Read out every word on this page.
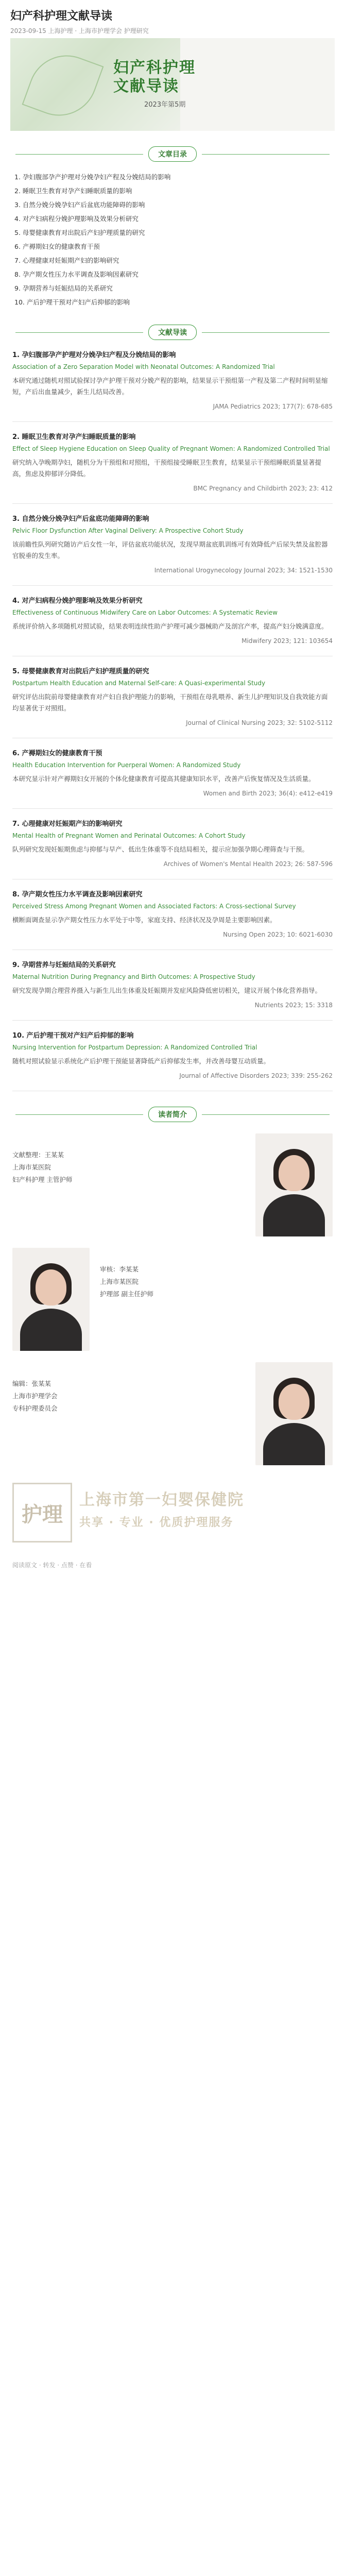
妇产科护理文献导读
2023-09-15 上海护理 · 上海市护理学会 护理研究
妇产科护理
文献导读
2023年第5期
文章目录
1. 孕妇腹部孕产护理对分娩孕妇产程及分娩结局的影响
2. 睡眠卫生教育对孕产妇睡眠质量的影响
3. 自然分娩分娩孕妇产后盆底功能障碍的影响
4. 对产妇病程分娩护理影响及效果分析研究
5. 母婴健康教育对出院后产妇护理质量的研究
6. 产褥期妇女的健康教育干预
7. 心理健康对妊娠期产妇的影响研究
8. 孕产期女性压力水平调查及影响因素研究
9. 孕期营养与妊娠结局的关系研究
10. 产后护理干预对产妇产后抑郁的影响
文献导读
1. 孕妇腹部孕产护理对分娩孕妇产程及分娩结局的影响
Association of a Zero Separation Model with Neonatal Outcomes: A Randomized Trial

本研究通过随机对照试验探讨孕产护理干预对分娩产程的影响，结果显示干预组第一产程及第二产程时间明显缩短，产后出血量减少，新生儿结局改善。

JAMA Pediatrics 2023; 177(7): 678-685
2. 睡眠卫生教育对孕产妇睡眠质量的影响
Effect of Sleep Hygiene Education on Sleep Quality of Pregnant Women: A Randomized Controlled Trial

研究纳入孕晚期孕妇，随机分为干预组和对照组，干预组接受睡眠卫生教育，结果显示干预组睡眠质量显著提高，焦虑及抑郁评分降低。

BMC Pregnancy and Childbirth 2023; 23: 412
3. 自然分娩分娩孕妇产后盆底功能障碍的影响
Pelvic Floor Dysfunction After Vaginal Delivery: A Prospective Cohort Study

该前瞻性队列研究随访产后女性一年，评估盆底功能状况，发现早期盆底肌训练可有效降低产后尿失禁及盆腔器官脱垂的发生率。

International Urogynecology Journal 2023; 34: 1521-1530
4. 对产妇病程分娩护理影响及效果分析研究
Effectiveness of Continuous Midwifery Care on Labor Outcomes: A Systematic Review

系统评价纳入多项随机对照试验，结果表明连续性助产护理可减少器械助产及剖宫产率，提高产妇分娩满意度。

Midwifery 2023; 121: 103654
5. 母婴健康教育对出院后产妇护理质量的研究
Postpartum Health Education and Maternal Self-care: A Quasi-experimental Study

研究评估出院前母婴健康教育对产妇自我护理能力的影响，干预组在母乳喂养、新生儿护理知识及自我效能方面均显著优于对照组。

Journal of Clinical Nursing 2023; 32: 5102-5112
6. 产褥期妇女的健康教育干预
Health Education Intervention for Puerperal Women: A Randomized Study

本研究显示针对产褥期妇女开展的个体化健康教育可提高其健康知识水平，改善产后恢复情况及生活质量。

Women and Birth 2023; 36(4): e412-e419
7. 心理健康对妊娠期产妇的影响研究
Mental Health of Pregnant Women and Perinatal Outcomes: A Cohort Study

队列研究发现妊娠期焦虑与抑郁与早产、低出生体重等不良结局相关，提示应加强孕期心理筛查与干预。

Archives of Women's Mental Health 2023; 26: 587-596
8. 孕产期女性压力水平调查及影响因素研究
Perceived Stress Among Pregnant Women and Associated Factors: A Cross-sectional Survey

横断面调查显示孕产期女性压力水平处于中等，家庭支持、经济状况及孕周是主要影响因素。

Nursing Open 2023; 10: 6021-6030
9. 孕期营养与妊娠结局的关系研究
Maternal Nutrition During Pregnancy and Birth Outcomes: A Prospective Study

研究发现孕期合理营养摄入与新生儿出生体重及妊娠期并发症风险降低密切相关，建议开展个体化营养指导。

Nutrients 2023; 15: 3318
10. 产后护理干预对产妇产后抑郁的影响
Nursing Intervention for Postpartum Depression: A Randomized Controlled Trial

随机对照试验显示系统化产后护理干预能显著降低产后抑郁发生率，并改善母婴互动质量。

Journal of Affective Disorders 2023; 339: 255-262
读者简介
文献整理：王某某
上海市某医院
妇产科护理 主管护师
审核：李某某
上海市某医院
护理部 副主任护师
编辑：张某某
上海市护理学会
专科护理委员会
护理
上海市第一妇婴保健院
共享 · 专业 · 优质护理服务
阅读原文 · 转发 · 点赞 · 在看
